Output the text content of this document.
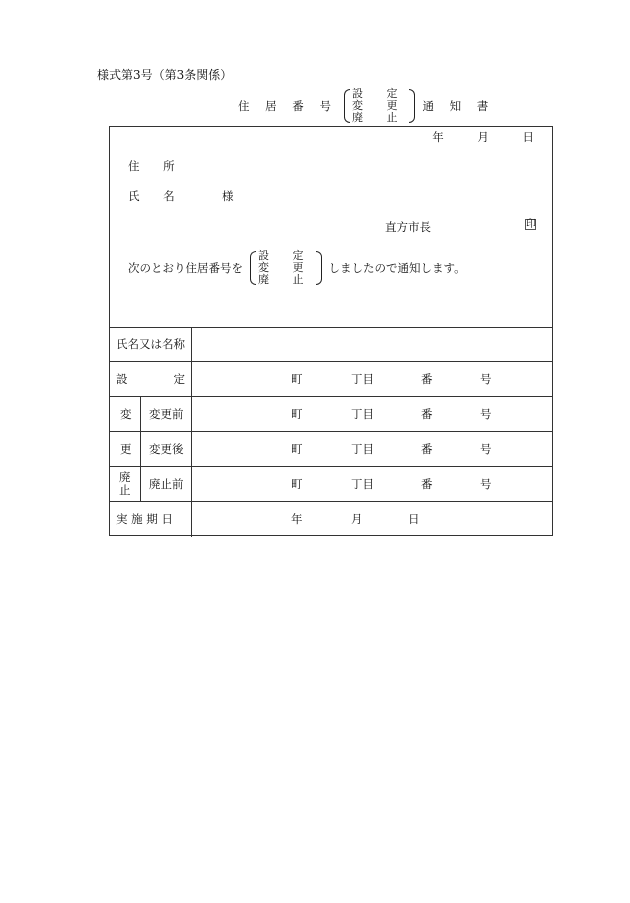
様式第3号（第3条関係）
住 居 番 号
設 定
変 更
廃 止
通 知 書
年	月	日
住 所
氏 名	様
直方市長	印
次のとおり住居番号を
設 定
変 更
廃 止
しましたので通知します。
氏名又は名称
設　　　　定	町	丁目	番	号
変 変更前	町	丁目	番	号
更 変更後	町	丁目	番	号
廃止 廃止前	町	丁目	番	号
実 施 期 日	年	月	日
